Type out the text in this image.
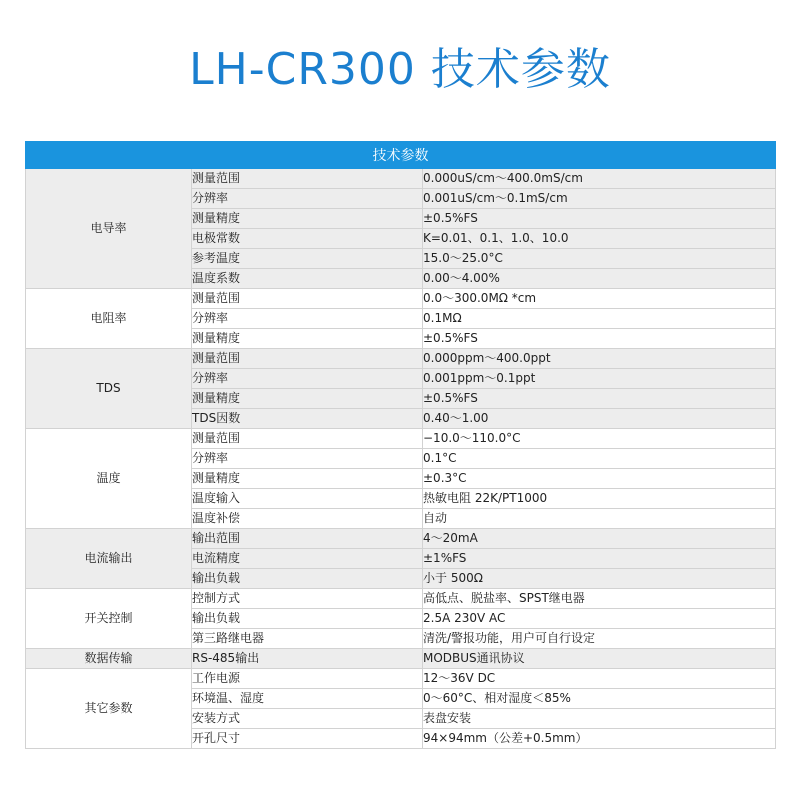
LH-CR300 技术参数
技术参数		
电导率	测量范围	0.000uS/cm～400.0mS/cm
	分辨率	0.001uS/cm～0.1mS/cm
	测量精度	±0.5%FS
	电极常数	K=0.01、0.1、1.0、10.0
	参考温度	15.0～25.0°C
	温度系数	0.00～4.00%
电阻率	测量范围	0.0～300.0MΩ *cm
	分辨率	0.1MΩ
	测量精度	±0.5%FS
TDS	测量范围	0.000ppm～400.0ppt
	分辨率	0.001ppm～0.1ppt
	测量精度	±0.5%FS
	TDS因数	0.40～1.00
温度	测量范围	−10.0～110.0°C
	分辨率	0.1°C
	测量精度	±0.3°C
	温度输入	热敏电阻 22K/PT1000
	温度补偿	自动
电流输出	输出范围	4～20mA
	电流精度	±1%FS
	输出负载	小于 500Ω
开关控制	控制方式	高低点、脱盐率、SPST继电器
	输出负载	2.5A 230V AC
	第三路继电器	清洗/警报功能，用户可自行设定
数据传输	RS-485输出	MODBUS通讯协议
其它参数	工作电源	12～36V DC
	环境温、湿度	0～60°C、相对湿度＜85%
	安装方式	表盘安装
	开孔尺寸	94×94mm（公差+0.5mm）
